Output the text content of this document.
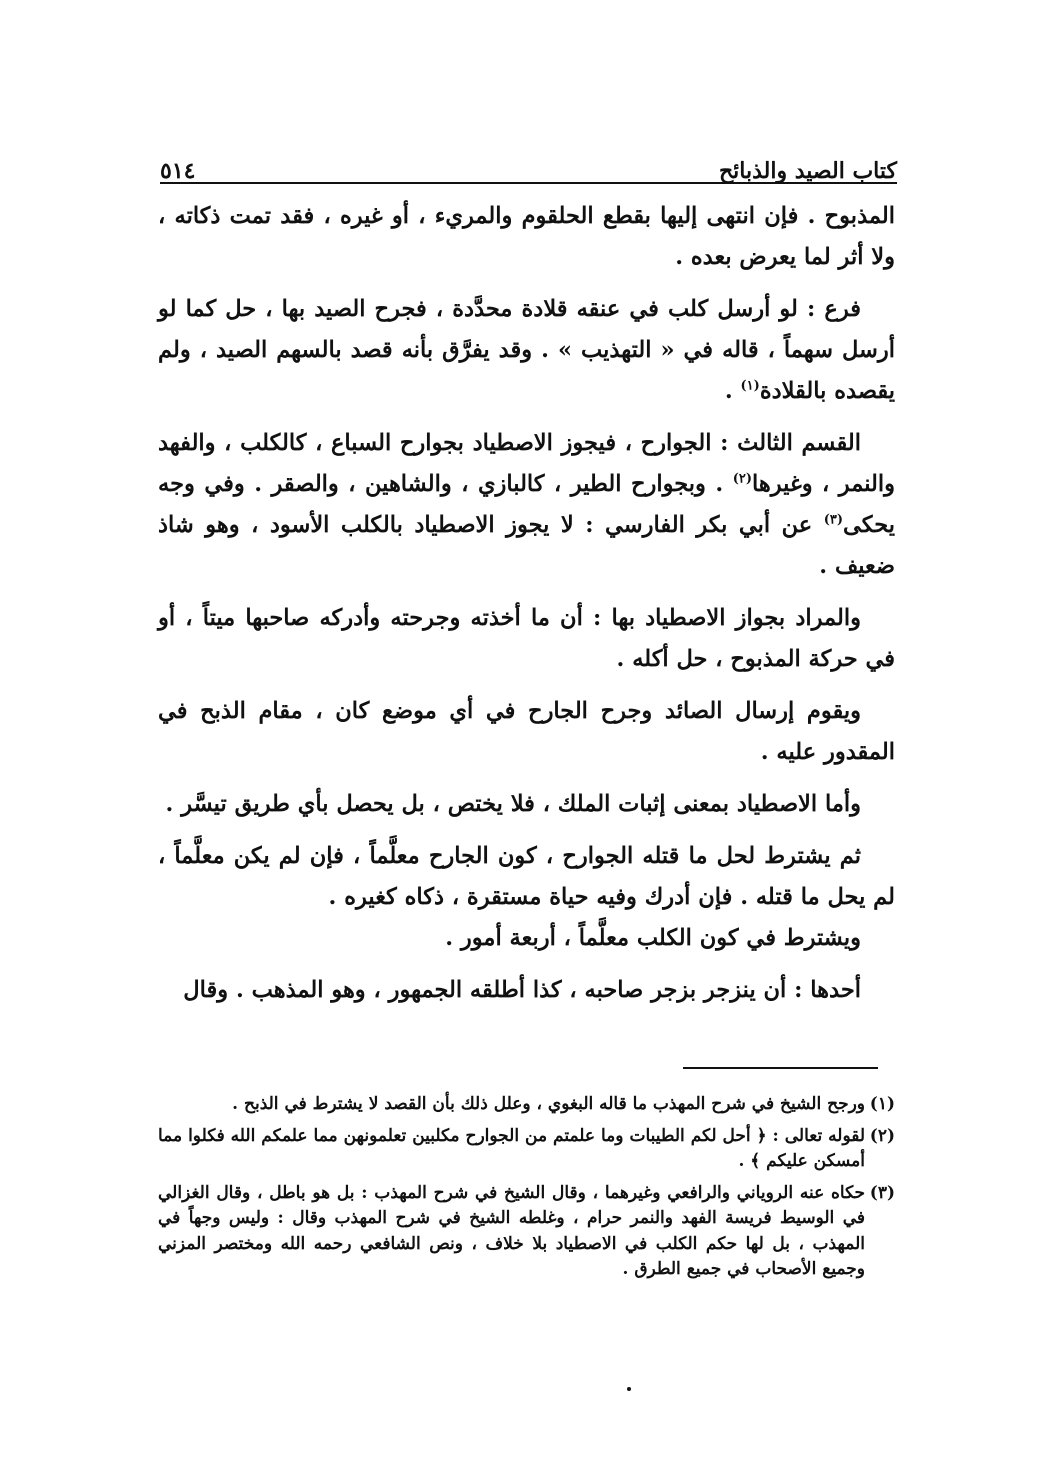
كتاب الصيد والذبائح
٥١٤

المذبوح . فإن انتهى إليها بقطع الحلقوم والمريء ، أو غيره ، فقد تمت ذكاته ، ولا أثر لما يعرض بعده .

فرع : لو أرسل كلب في عنقه قلادة محدَّدة ، فجرح الصيد بها ، حل كما لو أرسل سهماً ، قاله في « التهذيب » . وقد يفرَّق بأنه قصد بالسهم الصيد ، ولم يقصده بالقلادة$^{(١)}$ .

القسم الثالث : الجوارح ، فيجوز الاصطياد بجوارح السباع ، كالكلب ، والفهد والنمر ، وغيرها$^{(٢)}$ . وبجوارح الطير ، كالبازي ، والشاهين ، والصقر . وفي وجه يحكى$^{(٣)}$ عن أبي بكر الفارسي : لا يجوز الاصطياد بالكلب الأسود ، وهو شاذ ضعيف .

والمراد بجواز الاصطياد بها : أن ما أخذته وجرحته وأدركه صاحبها ميتاً ، أو في حركة المذبوح ، حل أكله .

ويقوم إرسال الصائد وجرح الجارح في أي موضع كان ، مقام الذبح في المقدور عليه .

وأما الاصطياد بمعنى إثبات الملك ، فلا يختص ، بل يحصل بأي طريق تيسَّر .

ثم يشترط لحل ما قتله الجوارح ، كون الجارح معلَّماً ، فإن لم يكن معلَّماً ، لم يحل ما قتله . فإن أدرك وفيه حياة مستقرة ، ذكاه كغيره .

ويشترط في كون الكلب معلَّماً ، أربعة أمور .

أحدها : أن ينزجر بزجر صاحبه ، كذا أطلقه الجمهور ، وهو المذهب . وقال

(١)
ورجح الشيخ في شرح المهذب ما قاله البغوي ، وعلل ذلك بأن القصد لا يشترط في الذبح .
(٢)
لقوله تعالى : ﴿ أحل لكم الطيبات وما علمتم من الجوارح مكلبين تعلمونهن مما علمكم الله فكلوا مما أمسكن عليكم ﴾ .
(٣)
حكاه عنه الروياني والرافعي وغيرهما ، وقال الشيخ في شرح المهذب : بل هو باطل ، وقال الغزالي في الوسيط فريسة الفهد والنمر حرام ، وغلطه الشيخ في شرح المهذب وقال : وليس وجهاً في المهذب ، بل لها حكم الكلب في الاصطياد بلا خلاف ، ونص الشافعي رحمه الله ومختصر المزني وجميع الأصحاب في جميع الطرق .
